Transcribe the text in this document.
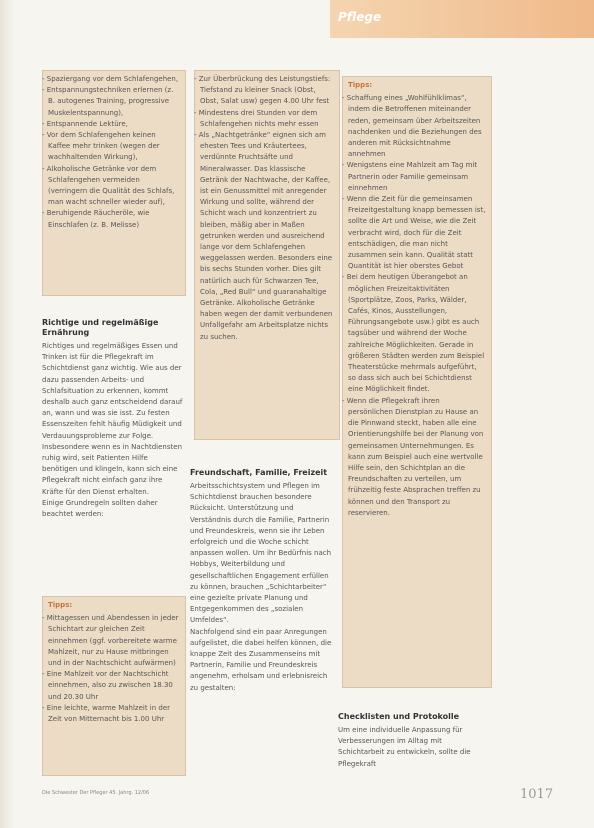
Pflege

- Spaziergang vor dem Schlafengehen,

- Entspannungstechniken erlernen (z. B. autogenes Training, progressive Muskelentspannung),

- Entspannende Lektüre,

- Vor dem Schlafengehen keinen Kaffee mehr trinken (wegen der wachhaltenden Wirkung),

- Alkoholische Getränke vor dem Schlafengehen vermeiden (verringern die Qualität des Schlafs, man wacht schneller wieder auf),

- Beruhigende Räucheröle, wie Einschlafen (z. B. Melisse)

Richtige und regelmäßige Ernährung

Richtiges und regelmäßiges Essen und Trinken ist für die Pflegekraft im Schichtdienst ganz wichtig. Wie aus der dazu passenden Arbeits- und Schlafsituation zu erkennen, kommt deshalb auch ganz entscheidend darauf an, wann und was sie isst. Zu festen Essenszeiten fehlt häufig Müdigkeit und Verdauungsprobleme zur Folge. Insbesondere wenn es in Nachtdiensten ruhig wird, seit Patienten Hilfe benötigen und klingeln, kann sich eine Pflegekraft nicht einfach ganz ihre Kräfte für den Dienst erhalten.

Einige Grundregeln sollten daher beachtet werden:

Tipps:

- Mittagessen und Abendessen in jeder Schichtart zur gleichen Zeit einnehmen (ggf. vorbereitete warme Mahlzeit, nur zu Hause mitbringen und in der Nachtschicht aufwärmen)

- Eine Mahlzeit vor der Nachtschicht einnehmen, also zu zwischen 18.30 und 20.30 Uhr

- Eine leichte, warme Mahlzeit in der Zeit von Mitternacht bis 1.00 Uhr

- Zur Überbrückung des Leistungstiefs: Tiefstand zu kleiner Snack (Obst, Obst, Salat usw) gegen 4.00 Uhr fest

- Mindestens drei Stunden vor dem Schlafengehen nichts mehr essen

- Als „Nachtgetränke“ eignen sich am ehesten Tees und Kräutertees, verdünnte Fruchtsäfte und Mineralwasser. Das klassische Getränk der Nachtwache, der Kaffee, ist ein Genussmittel mit anregender Wirkung und sollte, während der Schicht wach und konzentriert zu bleiben, mäßig aber in Maßen getrunken werden und ausreichend lange vor dem Schlafengehen weggelassen werden. Besonders eine bis sechs Stunden vorher. Dies gilt natürlich auch für Schwarzen Tee, Cola, „Red Bull“ und guaranahaltige Getränke. Alkoholische Getränke haben wegen der damit verbundenen Unfallgefahr am Arbeitsplatze nichts zu suchen.

Freundschaft, Familie, Freizeit

Arbeitsschichtsystem und Pflegen im Schichtdienst brauchen besondere Rücksicht. Unterstützung und Verständnis durch die Familie, Partnerin und Freundeskreis, wenn sie ihr Leben erfolgreich und die Woche schicht anpassen wollen. Um ihr Bedürfnis nach Hobbys, Weiterbildung und gesellschaftlichen Engagement erfüllen zu können, brauchen „Schichtarbeiter“ eine gezielte private Planung und Entgegenkommen des „sozialen Umfeldes“.

Nachfolgend sind ein paar Anregungen aufgelistet, die dabei helfen können, die knappe Zeit des Zusammenseins mit Partnerin, Familie und Freundeskreis angenehm, erholsam und erlebnisreich zu gestalten:

Tipps:

- Schaffung eines „Wohlfühlklimas“, indem die Betroffenen miteinander reden, gemeinsam über Arbeitszeiten nachdenken und die Beziehungen des anderen mit Rücksichtnahme annehmen

- Wenigstens eine Mahlzeit am Tag mit Partnerin oder Familie gemeinsam einnehmen

- Wenn die Zeit für die gemeinsamen Freizeitgestaltung knapp bemessen ist, sollte die Art und Weise, wie die Zeit verbracht wird, doch für die Zeit entschädigen, die man nicht zusammen sein kann. Qualität statt Quantität ist hier oberstes Gebot

- Bei dem heutigen Überangebot an möglichen Freizeitaktivitäten (Sportplätze, Zoos, Parks, Wälder, Cafés, Kinos, Ausstellungen, Führungsangebote usw.) gibt es auch tagsüber und während der Woche zahlreiche Möglichkeiten. Gerade in größeren Städten werden zum Beispiel Theaterstücke mehrmals aufgeführt, so dass sich auch bei Schichtdienst eine Möglichkeit findet.

- Wenn die Pflegekraft ihren persönlichen Dienstplan zu Hause an die Pinnwand steckt, haben alle eine Orientierungshilfe bei der Planung von gemeinsamen Unternehmungen. Es kann zum Beispiel auch eine wertvolle Hilfe sein, den Schichtplan an die Freundschaften zu verteilen, um frühzeitig feste Absprachen treffen zu können und den Transport zu reservieren.

Checklisten und Protokolle

Um eine individuelle Anpassung für Verbesserungen im Alltag mit Schichtarbeit zu entwickeln, sollte die Pflegekraft

Die Schwester Der Pfleger 45. Jahrg. 12/06	1017
